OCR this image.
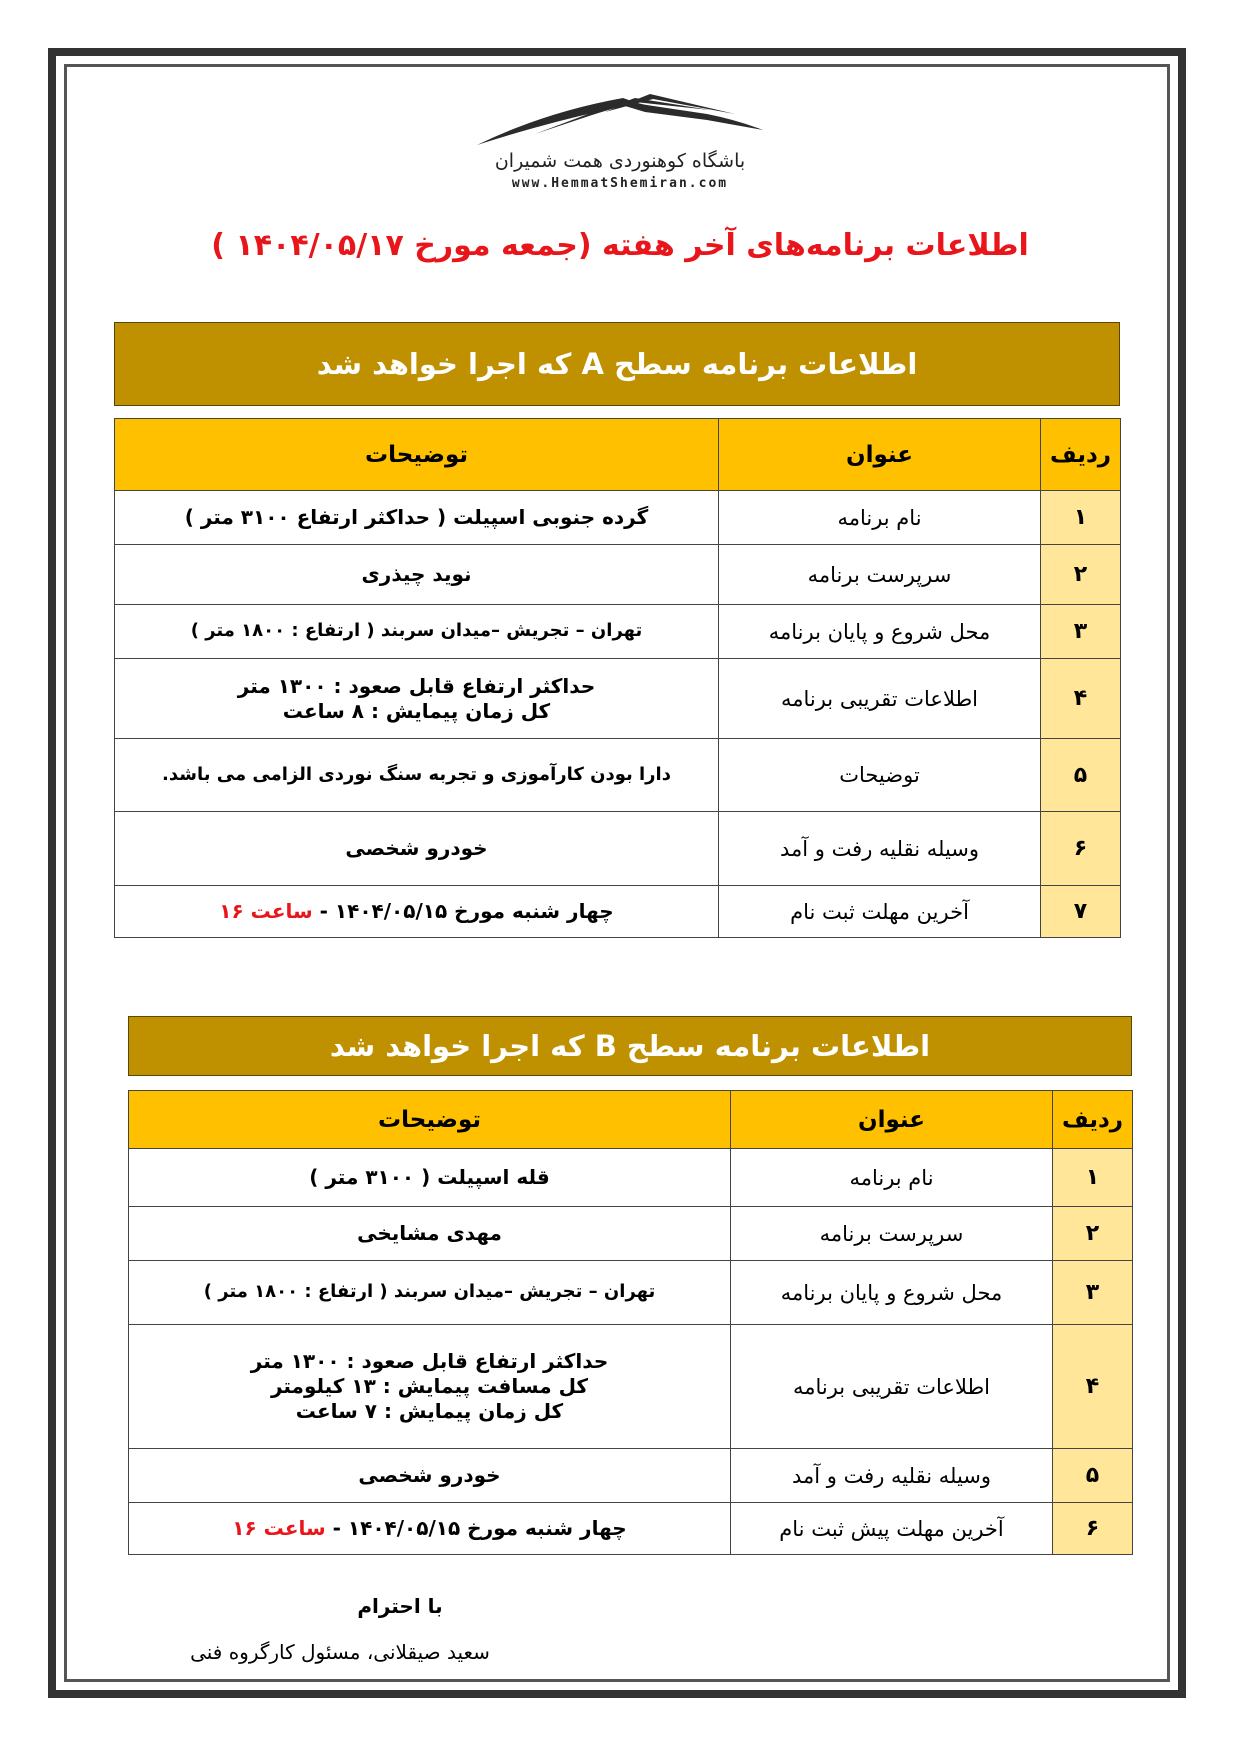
باشگاه کوهنوردی همت شمیران
www.HemmatShemiran.com
اطلاعات برنامه‌های آخر هفته (جمعه مورخ ۱۴۰۴/۰۵/۱۷ )
اطلاعات برنامه سطح A که اجرا خواهد شد
ردیف	عنوان	توضیحات
۱	نام برنامه	گرده جنوبی اسپیلت ( حداکثر ارتفاع ۳۱۰۰ متر )
۲	سرپرست برنامه	نوید چیذری
۳	محل شروع و پایان برنامه	تهران – تجریش –میدان سربند ( ارتفاع : ۱۸۰۰ متر )
۴	اطلاعات تقریبی برنامه	حداکثر ارتفاع قابل صعود : ۱۳۰۰ متر
کل زمان پیمایش : ۸ ساعت

۵	توضیحات	دارا بودن کارآموزی و تجربه سنگ نوردی الزامی می باشد.
۶	وسیله نقلیه رفت و آمد	خودرو شخصی
۷	آخرین مهلت ثبت نام	چهار شنبه مورخ ۱۴۰۴/۰۵/۱۵ - ساعت ۱۶
اطلاعات برنامه سطح B که اجرا خواهد شد
ردیف	عنوان	توضیحات
۱	نام برنامه	قله اسپیلت ( ۳۱۰۰ متر )
۲	سرپرست برنامه	مهدی مشایخی
۳	محل شروع و پایان برنامه	تهران – تجریش –میدان سربند ( ارتفاع : ۱۸۰۰ متر )
۴	اطلاعات تقریبی برنامه	حداکثر ارتفاع قابل صعود : ۱۳۰۰ متر
کل مسافت پیمایش : ۱۳ کیلومتر
کل زمان پیمایش : ۷ ساعت

۵	وسیله نقلیه رفت و آمد	خودرو شخصی
۶	آخرین مهلت پیش ثبت نام	چهار شنبه مورخ ۱۴۰۴/۰۵/۱۵ - ساعت ۱۶
با احترام
سعید صیقلانی، مسئول کارگروه فنی
